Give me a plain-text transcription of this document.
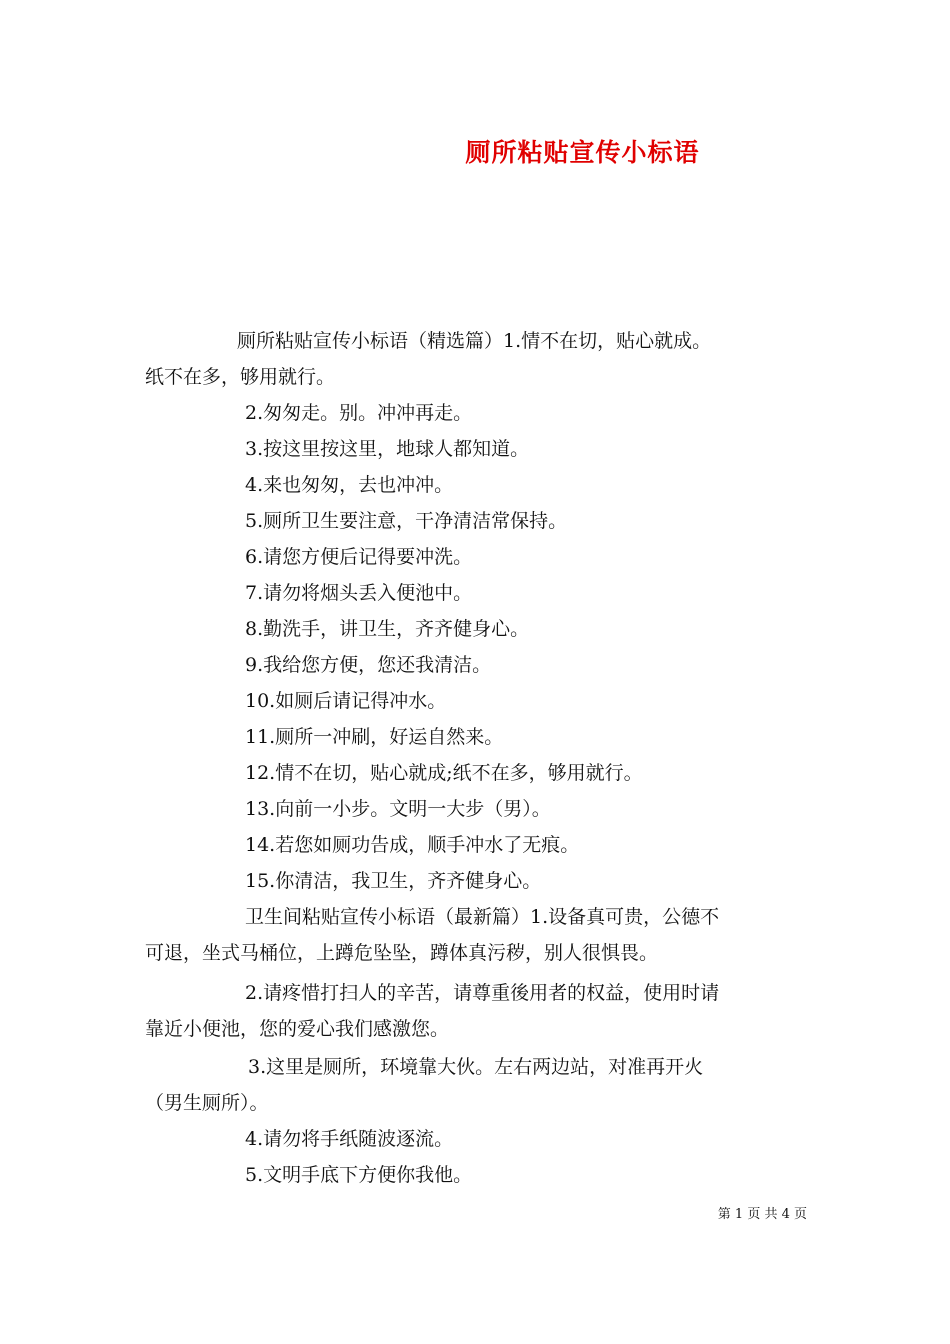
厕所粘贴宣传小标语
厕所粘贴宣传小标语（精选篇）1.情不在切，贴心就成。
纸不在多，够用就行。
2.匆匆走。别。冲冲再走。
3.按这里按这里，地球人都知道。
4.来也匆匆，去也冲冲。
5.厕所卫生要注意，干净清洁常保持。
6.请您方便后记得要冲洗。
7.请勿将烟头丢入便池中。
8.勤洗手，讲卫生，齐齐健身心。
9.我给您方便，您还我清洁。
10.如厕后请记得冲水。
11.厕所一冲刷，好运自然来。
12.情不在切，贴心就成;纸不在多，够用就行。
13.向前一小步。文明一大步（男）。
14.若您如厕功告成，顺手冲水了无痕。
15.你清洁，我卫生，齐齐健身心。
卫生间粘贴宣传小标语（最新篇）1.设备真可贵，公德不
可退，坐式马桶位，上蹲危坠坠，蹲体真污秽，别人很惧畏。
2.请疼惜打扫人的辛苦，请尊重後用者的权益，使用时请
靠近小便池，您的爱心我们感激您。
3.这里是厕所，环境靠大伙。左右两边站，对准再开火
（男生厕所）。
4.请勿将手纸随波逐流。
5.文明手底下方便你我他。
第 1 页 共 4 页
